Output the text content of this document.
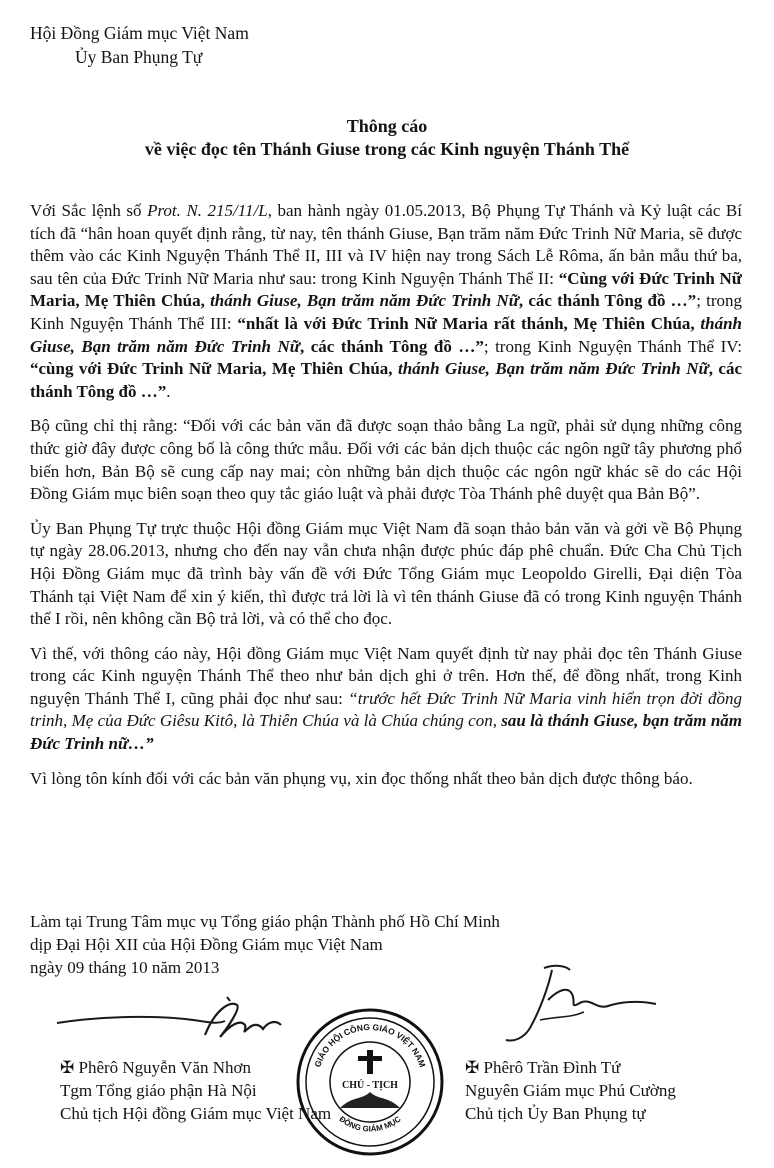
Hội Đồng Giám mục Việt Nam
Ủy Ban Phụng Tự
Thông cáo
về việc đọc tên Thánh Giuse trong các Kinh nguyện Thánh Thể

Với Sắc lệnh số Prot. N. 215/11/L, ban hành ngày 01.05.2013, Bộ Phụng Tự Thánh và Kỷ luật các Bí tích đã “hân hoan quyết định rằng, từ nay, tên thánh Giuse, Bạn trăm năm Đức Trinh Nữ Maria, sẽ được thêm vào các Kinh Nguyện Thánh Thể II, III và IV hiện nay trong Sách Lễ Rôma, ấn bản mẫu thứ ba, sau tên của Đức Trinh Nữ Maria như sau: trong Kinh Nguyện Thánh Thể II: “Cùng với Đức Trinh Nữ Maria, Mẹ Thiên Chúa, thánh Giuse, Bạn trăm năm Đức Trinh Nữ, các thánh Tông đồ …”; trong Kinh Nguyện Thánh Thể III: “nhất là với Đức Trinh Nữ Maria rất thánh, Mẹ Thiên Chúa, thánh Giuse, Bạn trăm năm Đức Trinh Nữ, các thánh Tông đồ …”; trong Kinh Nguyện Thánh Thể IV: “cùng với Đức Trinh Nữ Maria, Mẹ Thiên Chúa, thánh Giuse, Bạn trăm năm Đức Trinh Nữ, các thánh Tông đồ …”.

Bộ cũng chỉ thị rằng: “Đối với các bản văn đã được soạn thảo bằng La ngữ, phải sử dụng những công thức giờ đây được công bố là công thức mẫu. Đối với các bản dịch thuộc các ngôn ngữ tây phương phổ biến hơn, Bản Bộ sẽ cung cấp nay mai; còn những bản dịch thuộc các ngôn ngữ khác sẽ do các Hội Đồng Giám mục biên soạn theo quy tắc giáo luật và phải được Tòa Thánh phê duyệt qua Bản Bộ”.

Ủy Ban Phụng Tự trực thuộc Hội đồng Giám mục Việt Nam đã soạn thảo bản văn và gởi về Bộ Phụng tự ngày 28.06.2013, nhưng cho đến nay vẫn chưa nhận được phúc đáp phê chuẩn. Đức Cha Chủ Tịch Hội Đồng Giám mục đã trình bày vấn đề với Đức Tổng Giám mục Leopoldo Girelli, Đại diện Tòa Thánh tại Việt Nam để xin ý kiến, thì được trả lời là vì tên thánh Giuse đã có trong Kinh nguyện Thánh thể I rồi, nên không cần Bộ trả lời, và có thể cho đọc.

Vì thế, với thông cáo này, Hội đồng Giám mục Việt Nam quyết định từ nay phải đọc tên Thánh Giuse trong các Kinh nguyện Thánh Thể theo như bản dịch ghi ở trên. Hơn thế, để đồng nhất, trong Kinh nguyện Thánh Thể I, cũng phải đọc như sau: “trước hết Đức Trinh Nữ Maria vinh hiển trọn đời đồng trinh, Mẹ của Đức Giêsu Kitô, là Thiên Chúa và là Chúa chúng con, sau là thánh Giuse, bạn trăm năm Đức Trinh nữ…”

Vì lòng tôn kính đối với các bản văn phụng vụ, xin đọc thống nhất theo bản dịch được thông báo.

Làm tại Trung Tâm mục vụ Tổng giáo phận Thành phố Hồ Chí Minh
dịp Đại Hội XII của Hội Đồng Giám mục Việt Nam
ngày 09 tháng 10 năm 2013
GIÁO HỘI CÔNG GIÁO VIỆT NAM
ĐỒNG GIÁM MỤC
CHỦ - TỊCH
✠ Phêrô Nguyễn Văn Nhơn
Tgm Tổng giáo phận Hà Nội
Chủ tịch Hội đồng Giám mục Việt Nam
✠ Phêrô Trần Đình Tứ
Nguyên Giám mục Phú Cường
Chủ tịch Ủy Ban Phụng tự
